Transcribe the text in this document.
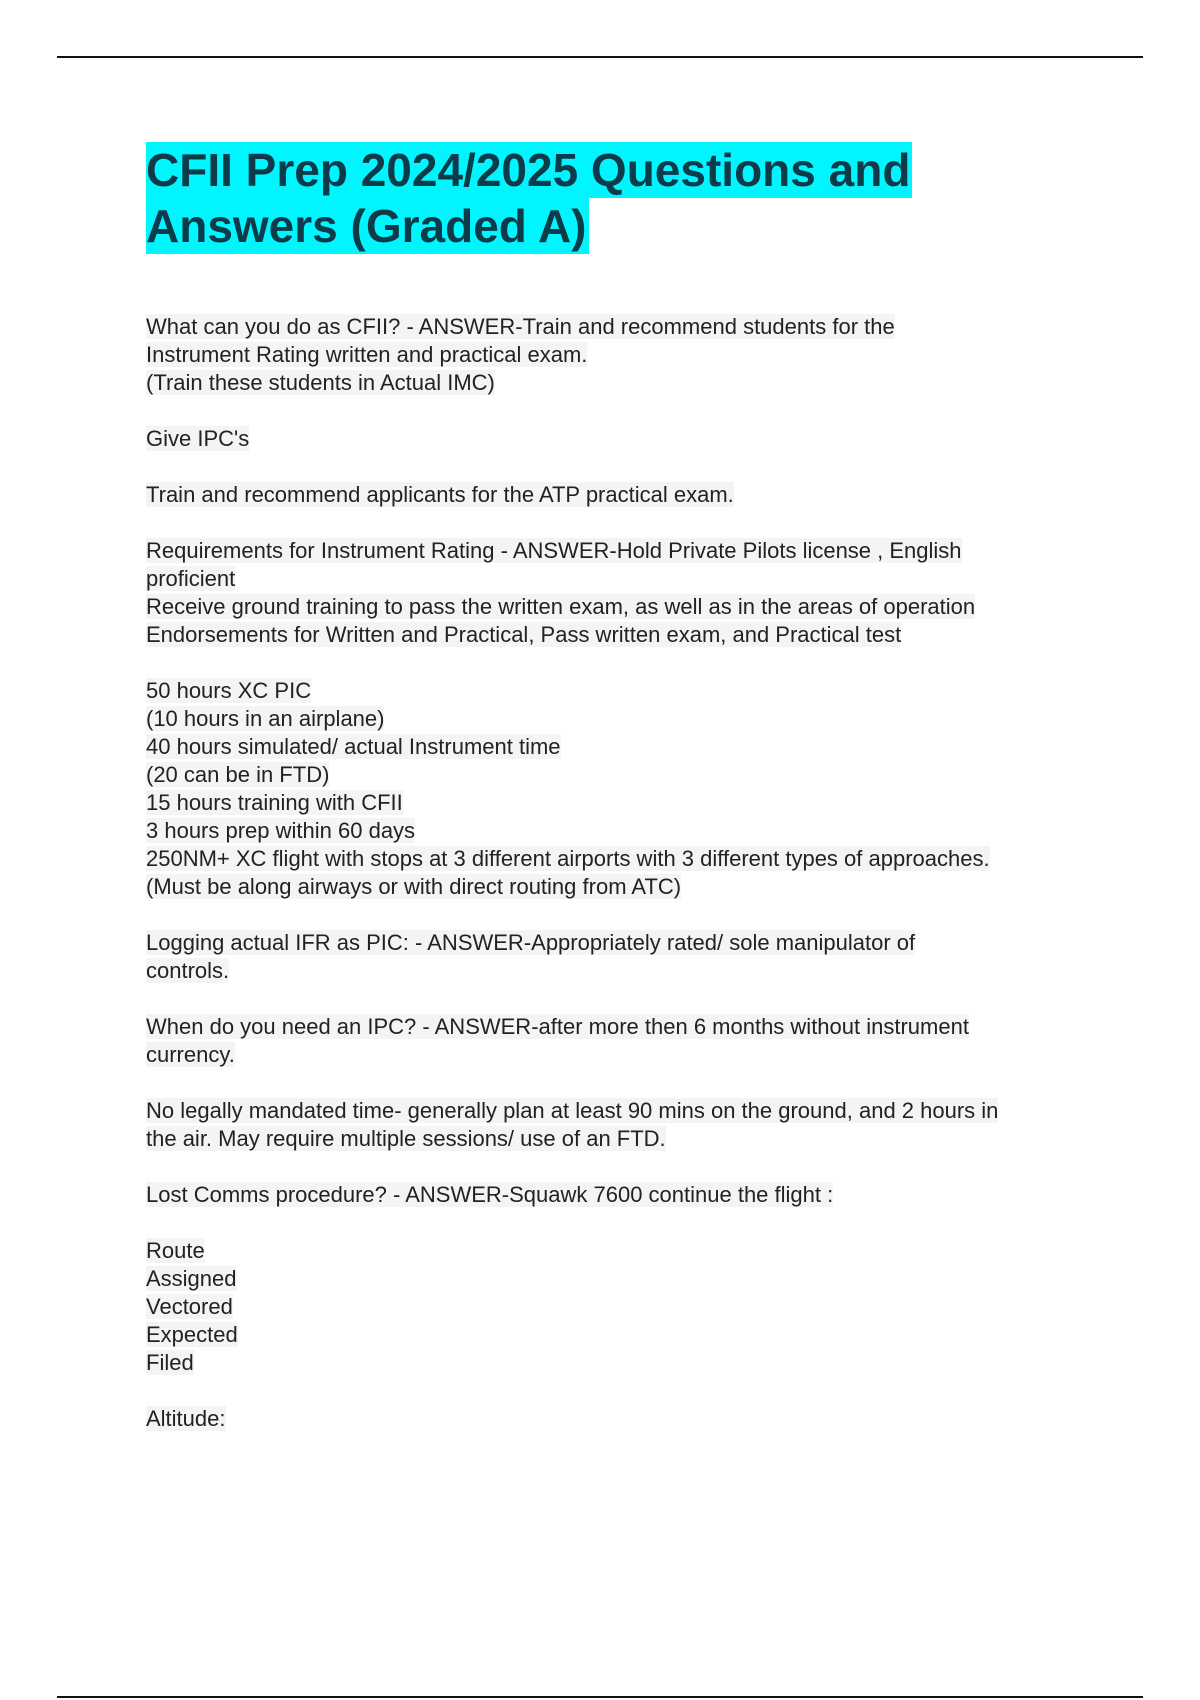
CFII Prep 2024/2025 Questions and
Answers (Graded A)
What can you do as CFII? - ANSWER-Train and recommend students for the
Instrument Rating written and practical exam.
(Train these students in Actual IMC)
Give IPC's
Train and recommend applicants for the ATP practical exam.
Requirements for Instrument Rating - ANSWER-Hold Private Pilots license , English
proficient
Receive ground training to pass the written exam, as well as in the areas of operation
Endorsements for Written and Practical, Pass written exam, and Practical test
50 hours XC PIC
(10 hours in an airplane)
40 hours simulated/ actual Instrument time
(20 can be in FTD)
15 hours training with CFII
3 hours prep within 60 days
250NM+ XC flight with stops at 3 different airports with 3 different types of approaches.
(Must be along airways or with direct routing from ATC)
Logging actual IFR as PIC: - ANSWER-Appropriately rated/ sole manipulator of
controls.
When do you need an IPC? - ANSWER-after more then 6 months without instrument
currency.
No legally mandated time- generally plan at least 90 mins on the ground, and 2 hours in
the air. May require multiple sessions/ use of an FTD.
Lost Comms procedure? - ANSWER-Squawk 7600 continue the flight :
Route
Assigned
Vectored
Expected
Filed
Altitude:
